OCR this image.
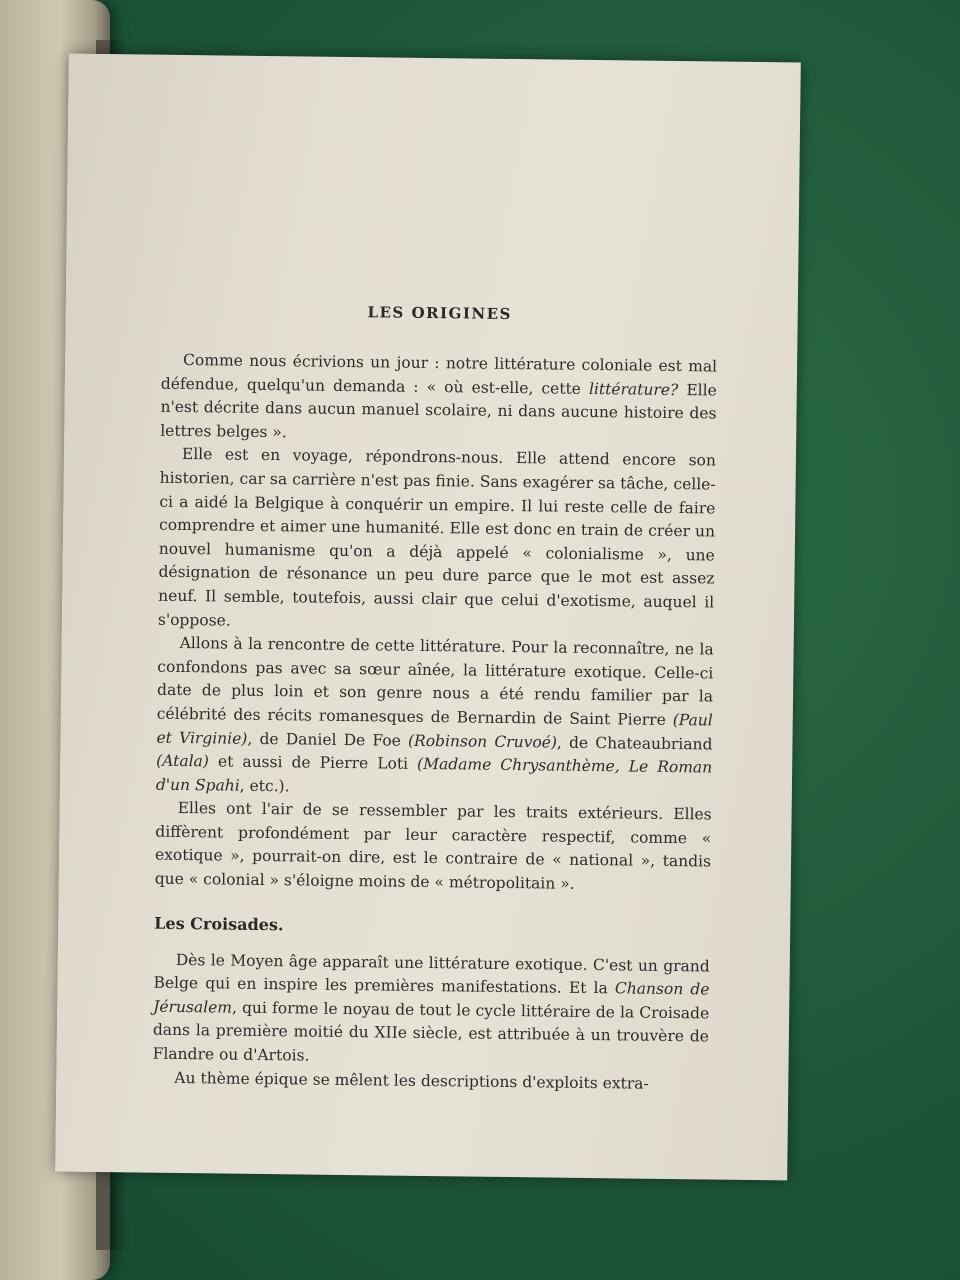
LES ORIGINES

Comme nous écrivions un jour : notre littérature coloniale est mal défendue, quelqu'un demanda : « où est-elle, cette littérature? Elle n'est décrite dans aucun manuel scolaire, ni dans aucune histoire des lettres belges ».

Elle est en voyage, répondrons-nous. Elle attend encore son historien, car sa carrière n'est pas finie. Sans exagérer sa tâche, celle-ci a aidé la Belgique à conquérir un empire. Il lui reste celle de faire comprendre et aimer une humanité. Elle est donc en train de créer un nouvel humanisme qu'on a déjà appelé « colonialisme », une désignation de résonance un peu dure parce que le mot est assez neuf. Il semble, toutefois, aussi clair que celui d'exotisme, auquel il s'oppose.

Allons à la rencontre de cette littérature. Pour la reconnaître, ne la confondons pas avec sa sœur aînée, la littérature exotique. Celle-ci date de plus loin et son genre nous a été rendu familier par la célébrité des récits romanesques de Bernardin de Saint Pierre (Paul et Virginie), de Daniel De Foe (Robinson Cruvoé), de Chateaubriand (Atala) et aussi de Pierre Loti (Madame Chrysanthème, Le Roman d'un Spahi, etc.).

Elles ont l'air de se ressembler par les traits extérieurs. Elles diffèrent profondément par leur caractère respectif, comme « exotique », pourrait-on dire, est le contraire de « national », tandis que « colonial » s'éloigne moins de « métropolitain ».

Les Croisades.

Dès le Moyen âge apparaît une littérature exotique. C'est un grand Belge qui en inspire les premières manifestations. Et la Chanson de Jérusalem, qui forme le noyau de tout le cycle littéraire de la Croisade dans la première moitié du XIIe siècle, est attribuée à un trouvère de Flandre ou d'Artois.

Au thème épique se mêlent les descriptions d'exploits extra-
